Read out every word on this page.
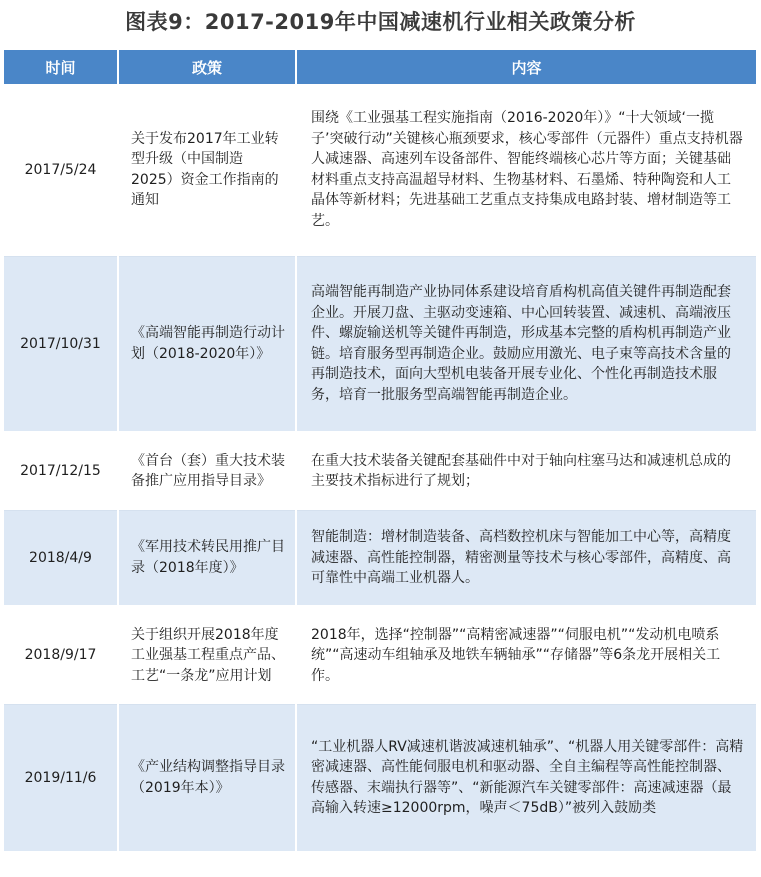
图表9：2017-2019年中国减速机行业相关政策分析
时间	政策	内容
2017/5/24	关于发布2017年工业转型升级（中国制造2025）资金工作指南的通知	围绕《工业强基工程实施指南（2016-2020年）》“十大领域‘一揽子’突破行动”关键核心瓶颈要求，核心零部件（元器件）重点支持机器人减速器、高速列车设备部件、智能终端核心芯片等方面；关键基础材料重点支持高温超导材料、生物基材料、石墨烯、特种陶瓷和人工晶体等新材料；先进基础工艺重点支持集成电路封装、增材制造等工艺。
2017/10/31	《高端智能再制造行动计划（2018-2020年）》	高端智能再制造产业协同体系建设培育盾构机高值关键件再制造配套企业。开展刀盘、主驱动变速箱、中心回转装置、减速机、高端液压件、螺旋输送机等关键件再制造，形成基本完整的盾构机再制造产业链。培育服务型再制造企业。鼓励应用激光、电子束等高技术含量的再制造技术，面向大型机电装备开展专业化、个性化再制造技术服务，培育一批服务型高端智能再制造企业。
2017/12/15	《首台（套）重大技术装备推广应用指导目录》	在重大技术装备关键配套基础件中对于轴向柱塞马达和减速机总成的主要技术指标进行了规划；
2018/4/9	《军用技术转民用推广目录（2018年度）》	智能制造：增材制造装备、高档数控机床与智能加工中心等，高精度减速器、高性能控制器，精密测量等技术与核心零部件，高精度、高可靠性中高端工业机器人。
2018/9/17	关于组织开展2018年度工业强基工程重点产品、工艺“一条龙”应用计划	2018年，选择“控制器”“高精密减速器”“伺服电机”“发动机电喷系统”“高速动车组轴承及地铁车辆轴承”“存储器”等6条龙开展相关工作。
2019/11/6	《产业结构调整指导目录（2019年本）》	“工业机器人RV减速机谐波减速机轴承”、“机器人用关键零部件：高精密减速器、高性能伺服电机和驱动器、全自主编程等高性能控制器、传感器、末端执行器等”、“新能源汽车关键零部件：高速减速器（最高输入转速≥12000rpm，噪声＜75dB）”被列入鼓励类
